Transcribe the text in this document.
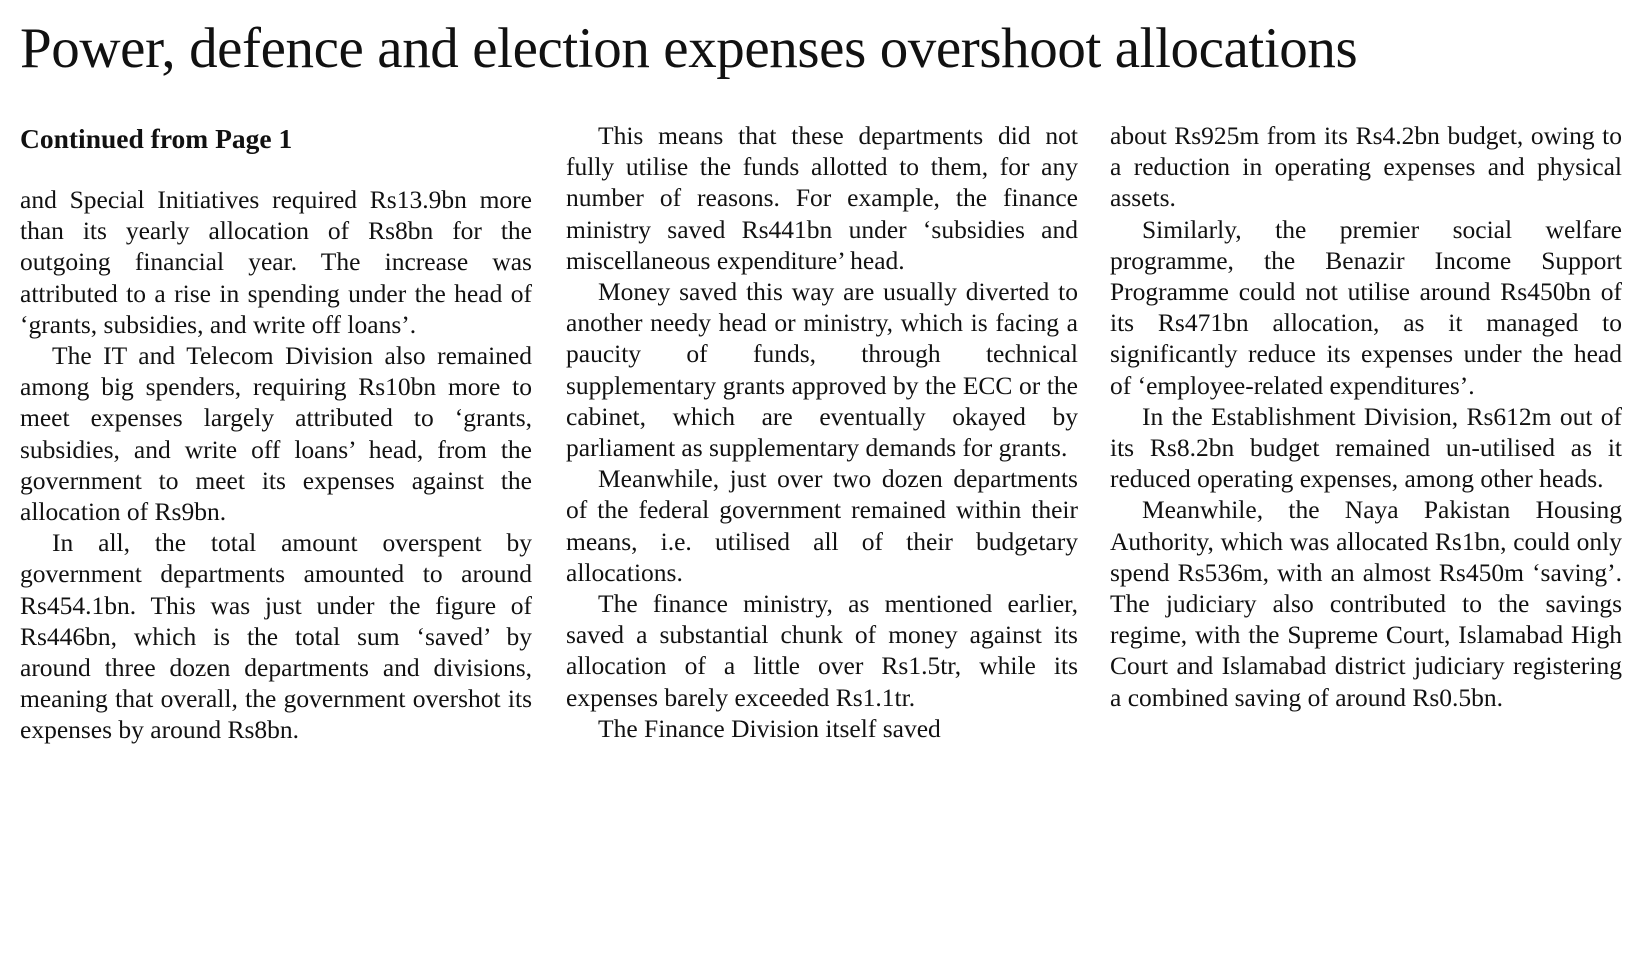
Power, defence and election expenses overshoot allocations
Continued from Page 1

and Special Initiatives required Rs13.9bn more than its yearly allocation of Rs8bn for the outgoing financial year. The increase was attributed to a rise in spending under the head of ‘grants, subsidies, and write off loans’.

The IT and Telecom Division also remained among big spenders, requiring Rs10bn more to meet expenses largely attributed to ‘grants, subsidies, and write off loans’ head, from the government to meet its expenses against the allocation of Rs9bn.

In all, the total amount overspent by government departments amounted to around Rs454.1bn. This was just under the figure of Rs446bn, which is the total sum ‘saved’ by around three dozen departments and divisions, meaning that overall, the government overshot its expenses by around Rs8bn.

This means that these departments did not fully utilise the funds allotted to them, for any number of reasons. For example, the finance ministry saved Rs441bn under ‘subsidies and miscellaneous expenditure’ head.

Money saved this way are usually diverted to another needy head or ministry, which is facing a paucity of funds, through technical supplementary grants approved by the ECC or the cabinet, which are eventually okayed by parliament as supplementary demands for grants.

Meanwhile, just over two dozen departments of the federal government remained within their means, i.e. utilised all of their budgetary allocations.

The finance ministry, as mentioned earlier, saved a substantial chunk of money against its allocation of a little over Rs1.5tr, while its expenses barely exceeded Rs1.1tr.

The Finance Division itself saved

about Rs925m from its Rs4.2bn budget, owing to a reduction in operating expenses and physical assets.

Similarly, the premier social welfare programme, the Benazir Income Support Programme could not utilise around Rs450bn of its Rs471bn allocation, as it managed to significantly reduce its expenses under the head of ‘employee-related expenditures’.

In the Establishment Division, Rs612m out of its Rs8.2bn budget remained un-utilised as it reduced operating expenses, among other heads.

Meanwhile, the Naya Pakistan Housing Authority, which was allocated Rs1bn, could only spend Rs536m, with an almost Rs450m ‘saving’. The judiciary also contributed to the savings regime, with the Supreme Court, Islamabad High Court and Islamabad district judiciary registering a combined saving of around Rs0.5bn.
